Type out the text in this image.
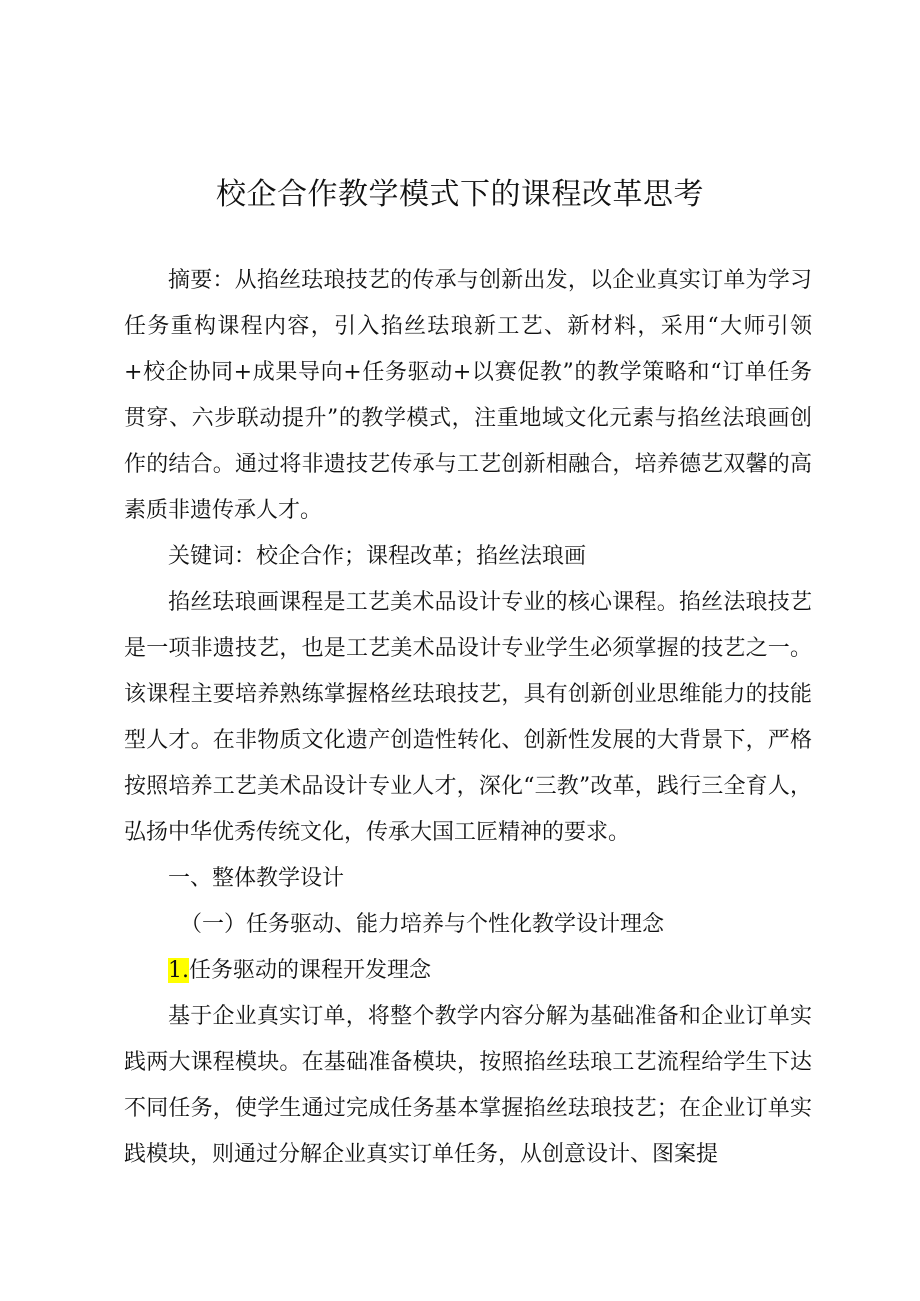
校企合作教学模式下的课程改革思考

摘要：从掐丝珐琅技艺的传承与创新出发，以企业真实订单为学习任务重构课程内容，引入掐丝珐琅新工艺、新材料，采用“大师引领+校企协同+成果导向+任务驱动+以赛促教”的教学策略和“订单任务贯穿、六步联动提升”的教学模式，注重地域文化元素与掐丝法琅画创作的结合。通过将非遗技艺传承与工艺创新相融合，培养德艺双馨的高素质非遗传承人才。

关键词：校企合作；课程改革；掐丝法琅画

掐丝珐琅画课程是工艺美术品设计专业的核心课程。掐丝法琅技艺是一项非遗技艺，也是工艺美术品设计专业学生必须掌握的技艺之一。该课程主要培养熟练掌握格丝珐琅技艺，具有创新创业思维能力的技能型人才。在非物质文化遗产创造性转化、创新性发展的大背景下，严格按照培养工艺美术品设计专业人才，深化“三教”改革，践行三全育人，弘扬中华优秀传统文化，传承大国工匠精神的要求。

一、整体教学设计

（一）任务驱动、能力培养与个性化教学设计理念

1.任务驱动的课程开发理念

基于企业真实订单，将整个教学内容分解为基础准备和企业订单实践两大课程模块。在基础准备模块，按照掐丝珐琅工艺流程给学生下达不同任务，使学生通过完成任务基本掌握掐丝珐琅技艺；在企业订单实践模块，则通过分解企业真实订单任务，从创意设计、图案提
